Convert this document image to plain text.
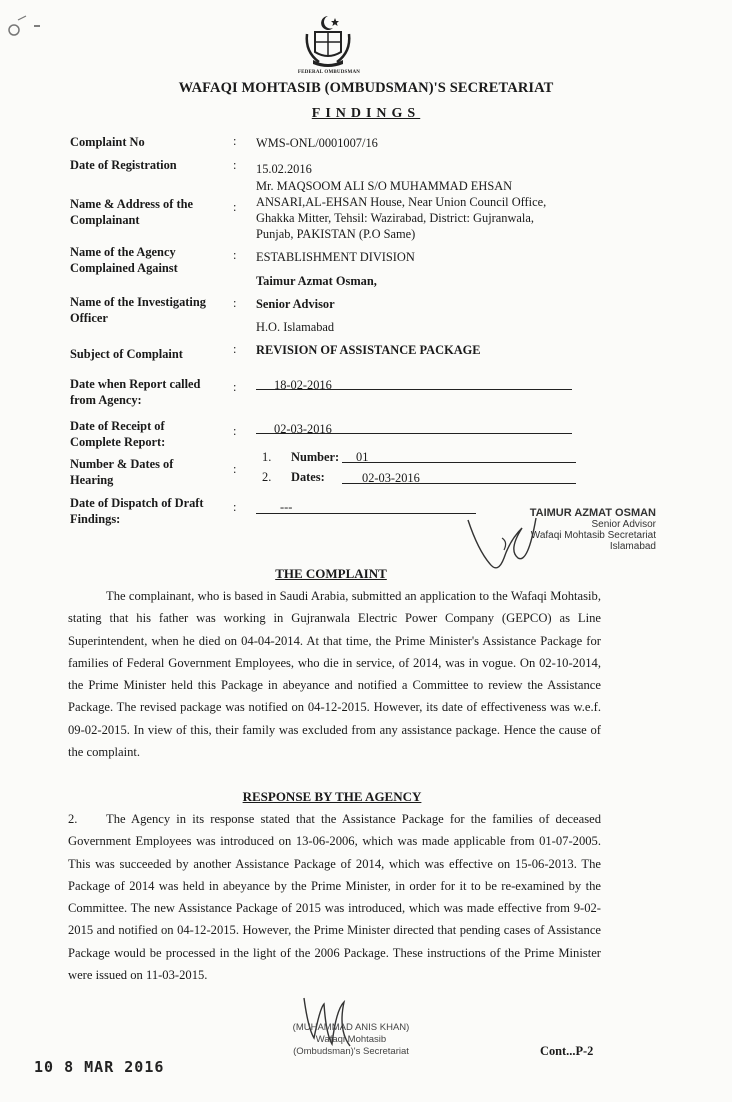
FEDERAL OMBUDSMAN
WAFAQI MOHTASIB (OMBUDSMAN)'S SECRETARIAT
FINDINGS
Complaint No	: WMS-ONL/0001007/16
Date of Registration	: 15.02.2016
Name & Address of the
Complainant
:
Mr. MAQSOOM ALI S/O MUHAMMAD EHSAN
ANSARI,AL-EHSAN House, Near Union Council Office,
Ghakka Mitter, Tehsil: Wazirabad, District: Gujranwala,
Punjab, PAKISTAN (P.O Same)
Name of the Agency
Complained Against
: ESTABLISHMENT DIVISION
Taimur Azmat Osman,
Name of the Investigating
Officer
: Senior Advisor
H.O. Islamabad
Subject of Complaint	: REVISION OF ASSISTANCE PACKAGE
Date when Report called
from Agency:
:	18-02-2016
Date of Receipt of
Complete Report:
:	02-03-2016
Number & Dates of
Hearing
:
1. Number: 01
2. Dates:	02-03-2016
Date of Dispatch of Draft
Findings:
:	---	TAIMUR AZMAT OSMAN
Senior Advisor
Wafaqi Mohtasib Secretariat
Islamabad
THE COMPLAINT

The complainant, who is based in Saudi Arabia, submitted an application to the Wafaqi Mohtasib, stating that his father was working in Gujranwala Electric Power Company (GEPCO) as Line Superintendent, when he died on 04-04-2014. At that time, the Prime Minister's Assistance Package for families of Federal Government Employees, who die in service, of 2014, was in vogue. On 02-10-2014, the Prime Minister held this Package in abeyance and notified a Committee to review the Assistance Package. The revised package was notified on 04-12-2015. However, its date of effectiveness was w.e.f. 09-02-2015. In view of this, their family was excluded from any assistance package. Hence the cause of the complaint.

RESPONSE BY THE AGENCY

2. The Agency in its response stated that the Assistance Package for the families of deceased Government Employees was introduced on 13-06-2006, which was made applicable from 01-07-2005. This was succeeded by another Assistance Package of 2014, which was effective on 15-06-2013. The Package of 2014 was held in abeyance by the Prime Minister, in order for it to be re-examined by the Committee. The new Assistance Package of 2015 was introduced, which was made effective from 9-02-2015 and notified on 04-12-2015. However, the Prime Minister directed that pending cases of Assistance Package would be processed in the light of the 2006 Package. These instructions of the Prime Minister were issued on 11-03-2015.

(MUHAMMAD ANIS KHAN)
Wafaqi Mohtasib
(Ombudsman)'s Secretariat
10 8 MAR 2016
Cont...P-2
